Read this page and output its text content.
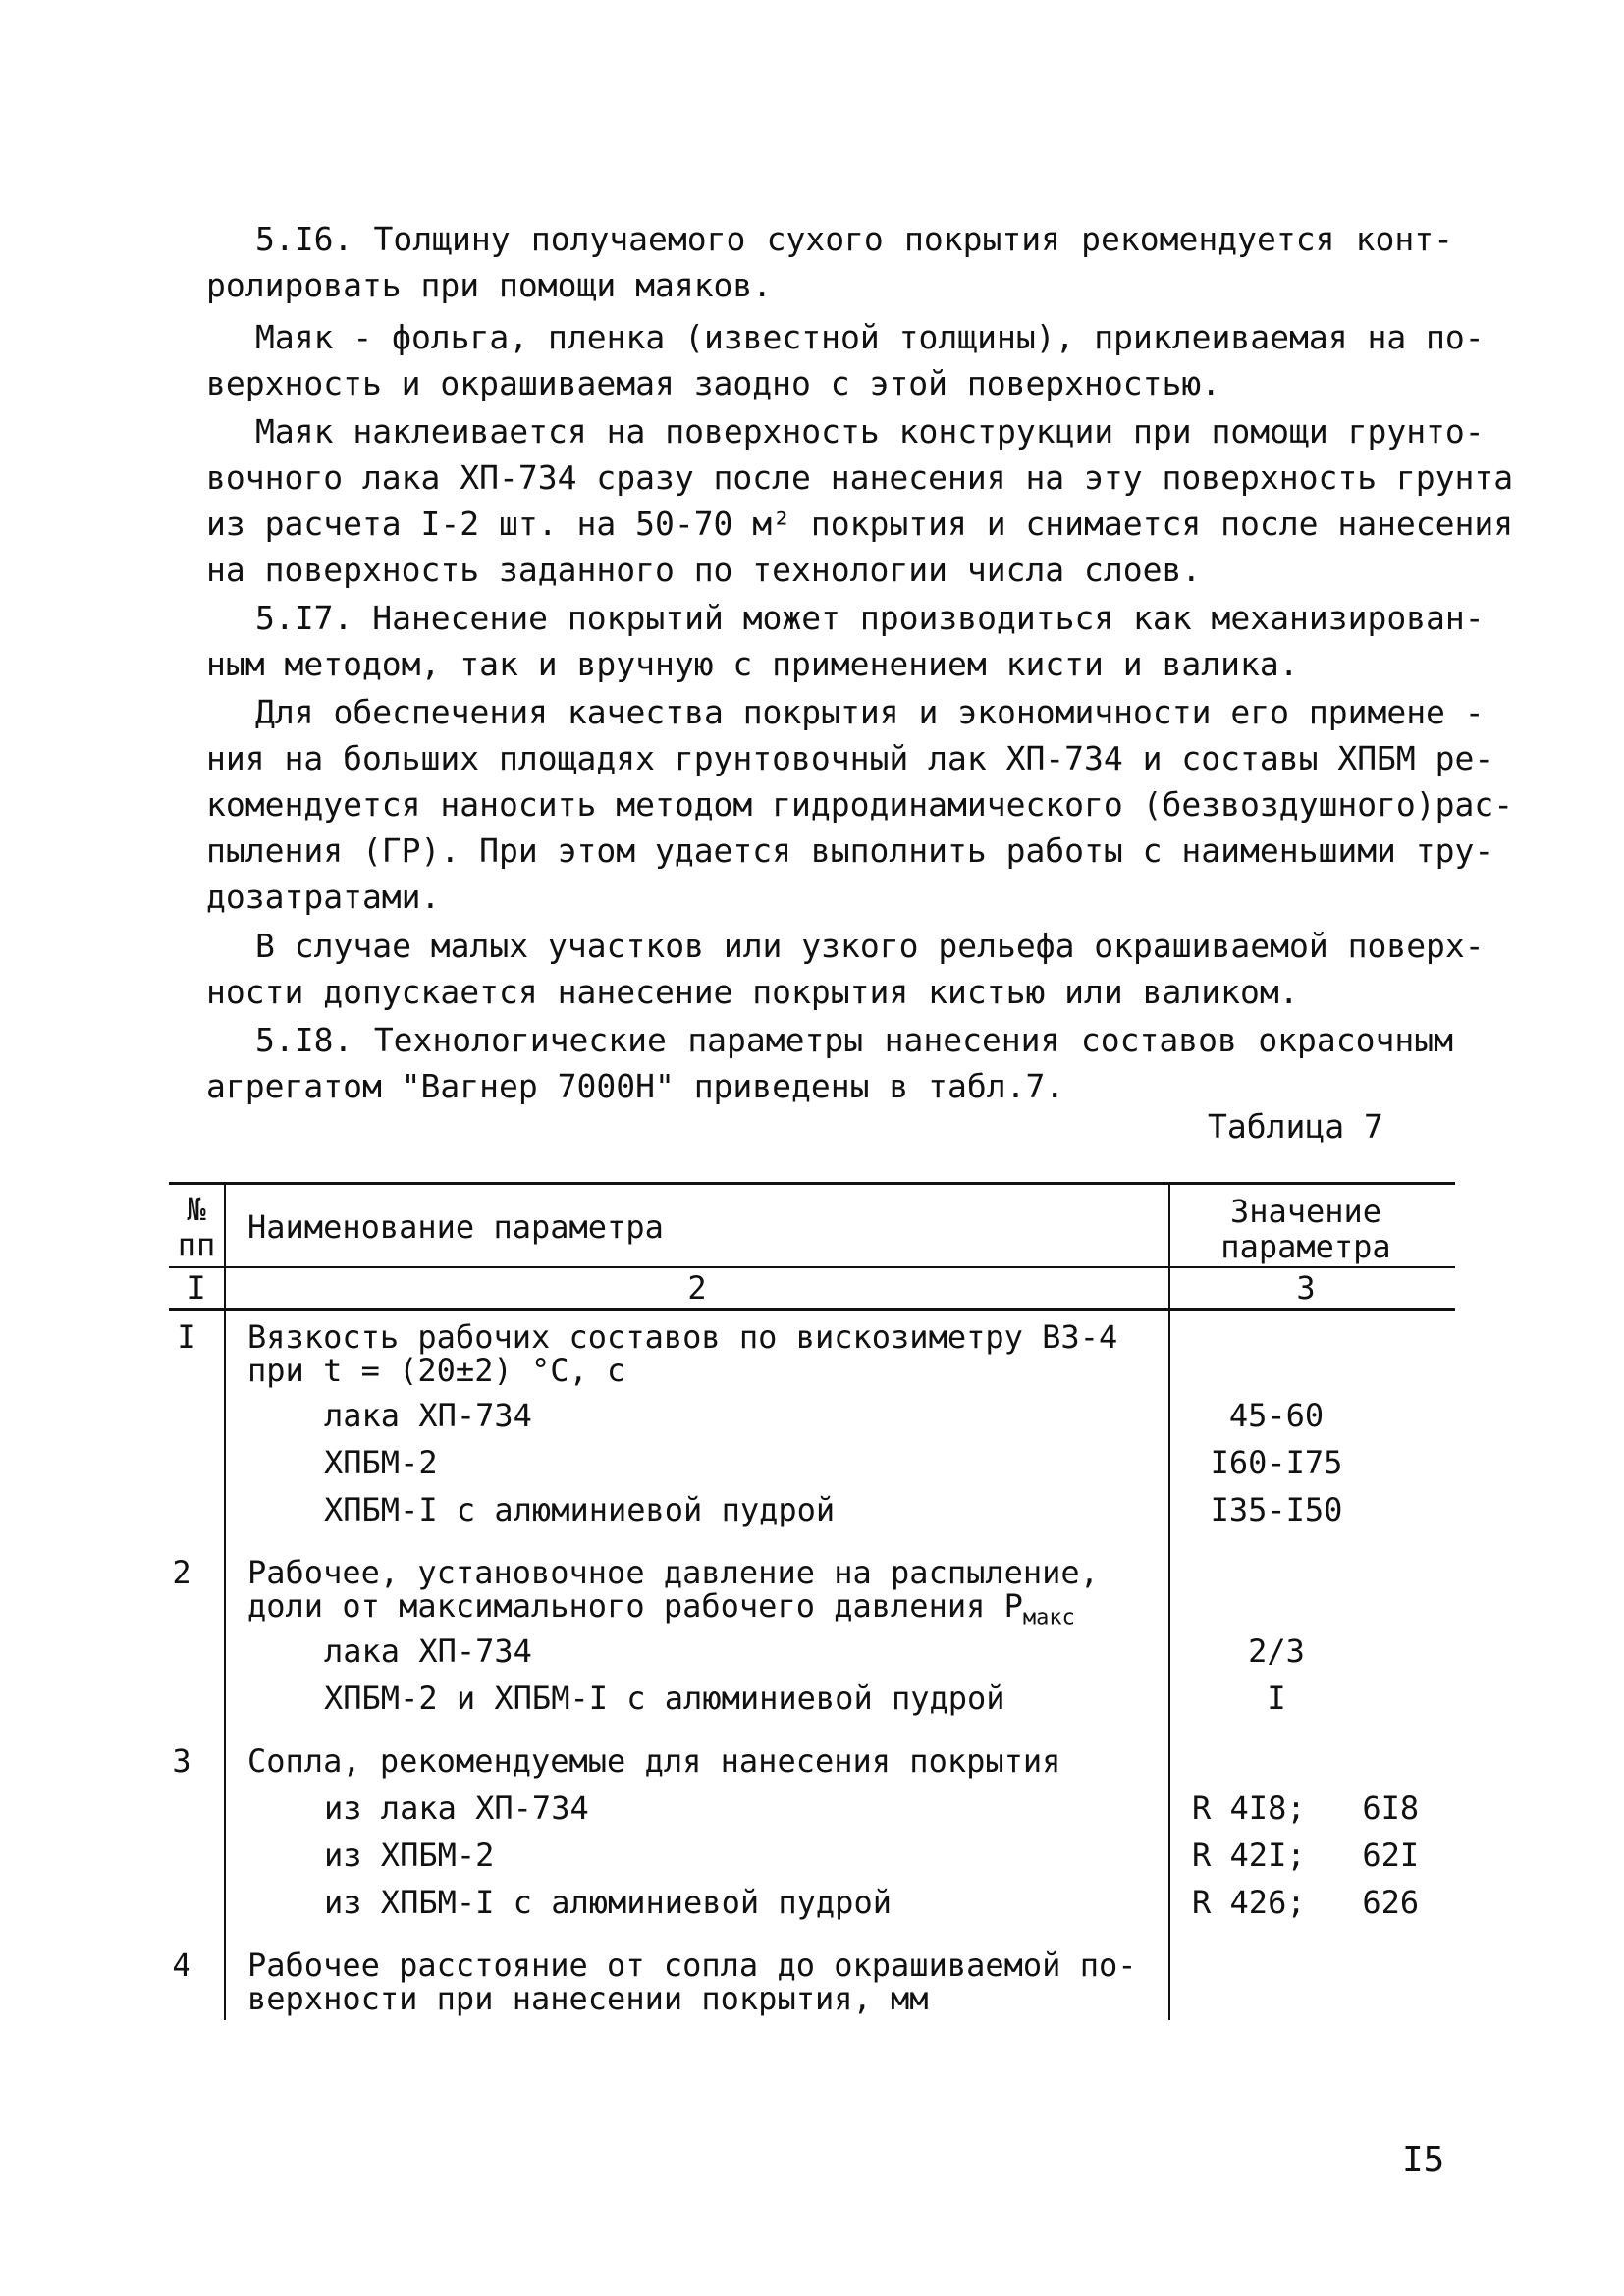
5.I6. Толщину получаемого сухого покрытия рекомендуется конт-
ролировать при помощи маяков.
Маяк - фольга, пленка (известной толщины), приклеиваемая на по-
верхность и окрашиваемая заодно с этой поверхностью.
Маяк наклеивается на поверхность конструкции при помощи грунто-
вочного лака ХП-734 сразу после нанесения на эту поверхность грунта
из расчета I-2 шт. на 50-70 м² покрытия и снимается после нанесения
на поверхность заданного по технологии числа слоев.
5.I7. Нанесение покрытий может производиться как механизирован-
ным методом, так и вручную с применением кисти и валика.
Для обеспечения качества покрытия и экономичности его примене -
ния на больших площадях грунтовочный лак ХП-734 и составы ХПБМ ре-
комендуется наносить методом гидродинамического (безвоздушного)рас-
пыления (ГР). При этом удается выполнить работы с наименьшими тру-
дозатратами.
В случае малых участков или узкого рельефа окрашиваемой поверх-
ности допускается нанесение покрытия кистью или валиком.
5.I8. Технологические параметры нанесения составов окрасочным
агрегатом "Вагнер 7000Н" приведены в табл.7.
Таблица 7
№
пп	Наименование параметра	Значение
параметра
I	2	3
I	Вязкость рабочих составов по вискозиметру ВЗ-4
при t = (20±2) °С, с
лака ХП-734	45-60
ХПБМ-2	I60-I75
ХПБМ-I с алюминиевой пудрой	I35-I50
2	Рабочее, установочное давление на распыление,
доли от максимального рабочего давления $Р_{макс}$
лака ХП-734	2/3
ХПБМ-2 и ХПБМ-I с алюминиевой пудрой	I
3	Сопла, рекомендуемые для нанесения покрытия
из лака ХП-734	R 4I8;   6I8
из ХПБМ-2	R 42I;   62I
из ХПБМ-I с алюминиевой пудрой	R 426;   626
4	Рабочее расстояние от сопла до окрашиваемой по-
верхности при нанесении покрытия, мм
I5
